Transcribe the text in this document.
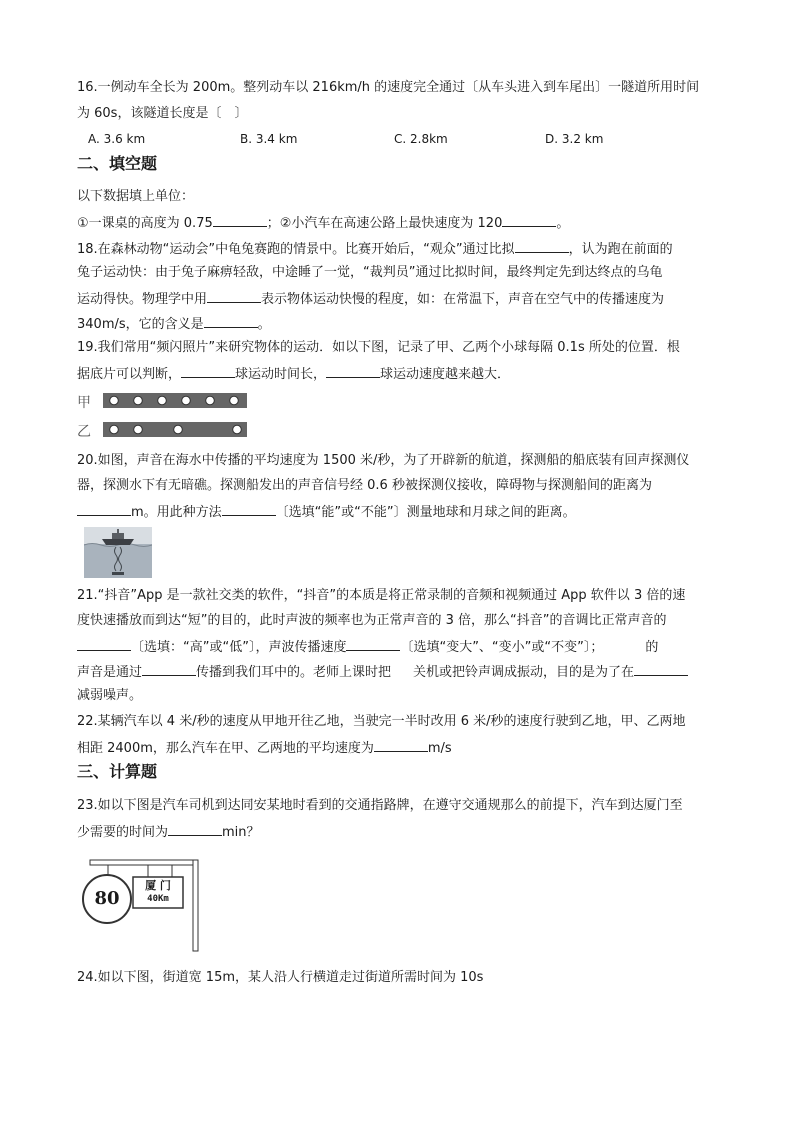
16.一例动车全长为 200m。整列动车以 216km/h 的速度完全通过〔从车头进入到车尾出〕一隧道所用时间
为 60s，该隧道长度是〔　〕
A. 3.6 km	B. 3.4 km	C. 2.8km	D. 3.2 km
二、填空题
以下数据填上单位：
①一课桌的高度为 0.75	；②小汽车在高速公路上最快速度为 120	。
18.在森林动物“运动会”中龟兔赛跑的情景中。比赛开始后，“观众”通过比拟	，认为跑在前面的
兔子运动快：由于兔子麻痹轻敌，中途睡了一觉，“裁判员”通过比拟时间，最终判定先到达终点的乌龟
运动得快。物理学中用	表示物体运动快慢的程度，如：在常温下，声音在空气中的传播速度为
340m/s，它的含义是	。
19.我们常用“频闪照片”来研究物体的运动．如以下图，记录了甲、乙两个小球每隔 0.1s 所处的位置．根
据底片可以判断，	球运动时间长，	球运动速度越来越大．
甲
乙
20.如图，声音在海水中传播的平均速度为 1500 米/秒，为了开辟新的航道，探测船的船底装有回声探测仪
器，探测水下有无暗礁。探测船发出的声音信号经 0.6 秒被探测仪接收，障碍物与探测船间的距离为
m。用此种方法	〔选填“能”或“不能”〕测量地球和月球之间的距离。
21.“抖音”App 是一款社交类的软件，“抖音”的本质是将正常录制的音频和视频通过 App 软件以 3 倍的速
度快速播放而到达“短”的目的，此时声波的频率也为正常声音的 3 倍，那么“抖音”的音调比正常声音的
〔选填：“高”或“低”〕，声波传播速度	〔选填“变大”、“变小”或“不变”〕；	的
声音是通过	传播到我们耳中的。老师上课时把 关机或把铃声调成振动，目的是为了在
减弱噪声。
22.某辆汽车以 4 米/秒的速度从甲地开往乙地，当驶完一半时改用 6 米/秒的速度行驶到乙地，甲、乙两地
相距 2400m，那么汽车在甲、乙两地的平均速度为	m/s
三、计算题
23.如以下图是汽车司机到达同安某地时看到的交通指路牌，在遵守交通规那么的前提下，汽车到达厦门至
少需要的时间为	min？
80
厦 门
40Km
24.如以下图，街道宽 15m，某人沿人行横道走过街道所需时间为 10s
